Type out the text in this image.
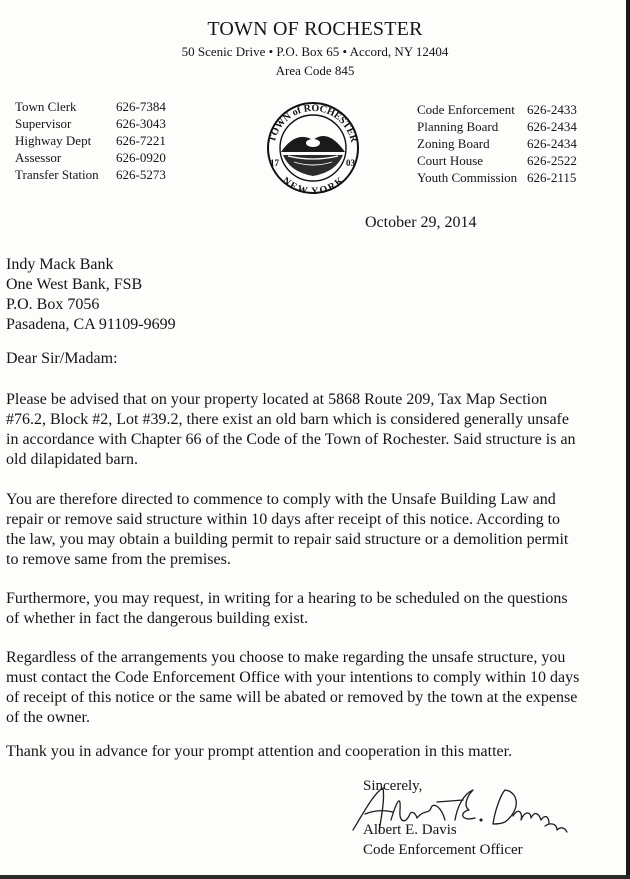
TOWN OF ROCHESTER
50 Scenic Drive • P.O. Box 65 • Accord, NY 12404
Area Code 845
Town Clerk	626-7384
Supervisor	626-3043
Highway Dept	626-7221
Assessor	626-0920
Transfer Station	626-5273
TOWN of ROCHESTER
NEW YORK
17	03
Code Enforcement 626-2433
Planning Board	626-2434
Zoning Board	626-2434
Court House	626-2522
Youth Commission 626-2115
October 29, 2014
Indy Mack Bank
One West Bank, FSB
P.O. Box 7056
Pasadena, CA 91109-9699
Dear Sir/Madam:
Please be advised that on your property located at 5868 Route 209, Tax Map Section
#76.2, Block #2, Lot #39.2, there exist an old barn which is considered generally unsafe
in accordance with Chapter 66 of the Code of the Town of Rochester. Said structure is an
old dilapidated barn.
You are therefore directed to commence to comply with the Unsafe Building Law and
repair or remove said structure within 10 days after receipt of this notice. According to
the law, you may obtain a building permit to repair said structure or a demolition permit
to remove same from the premises.
Furthermore, you may request, in writing for a hearing to be scheduled on the questions
of whether in fact the dangerous building exist.
Regardless of the arrangements you choose to make regarding the unsafe structure, you
must contact the Code Enforcement Office with your intentions to comply within 10 days
of receipt of this notice or the same will be abated or removed by the town at the expense
of the owner.
Thank you in advance for your prompt attention and cooperation in this matter.
Sincerely,
Albert E. Davis
Code Enforcement Officer
